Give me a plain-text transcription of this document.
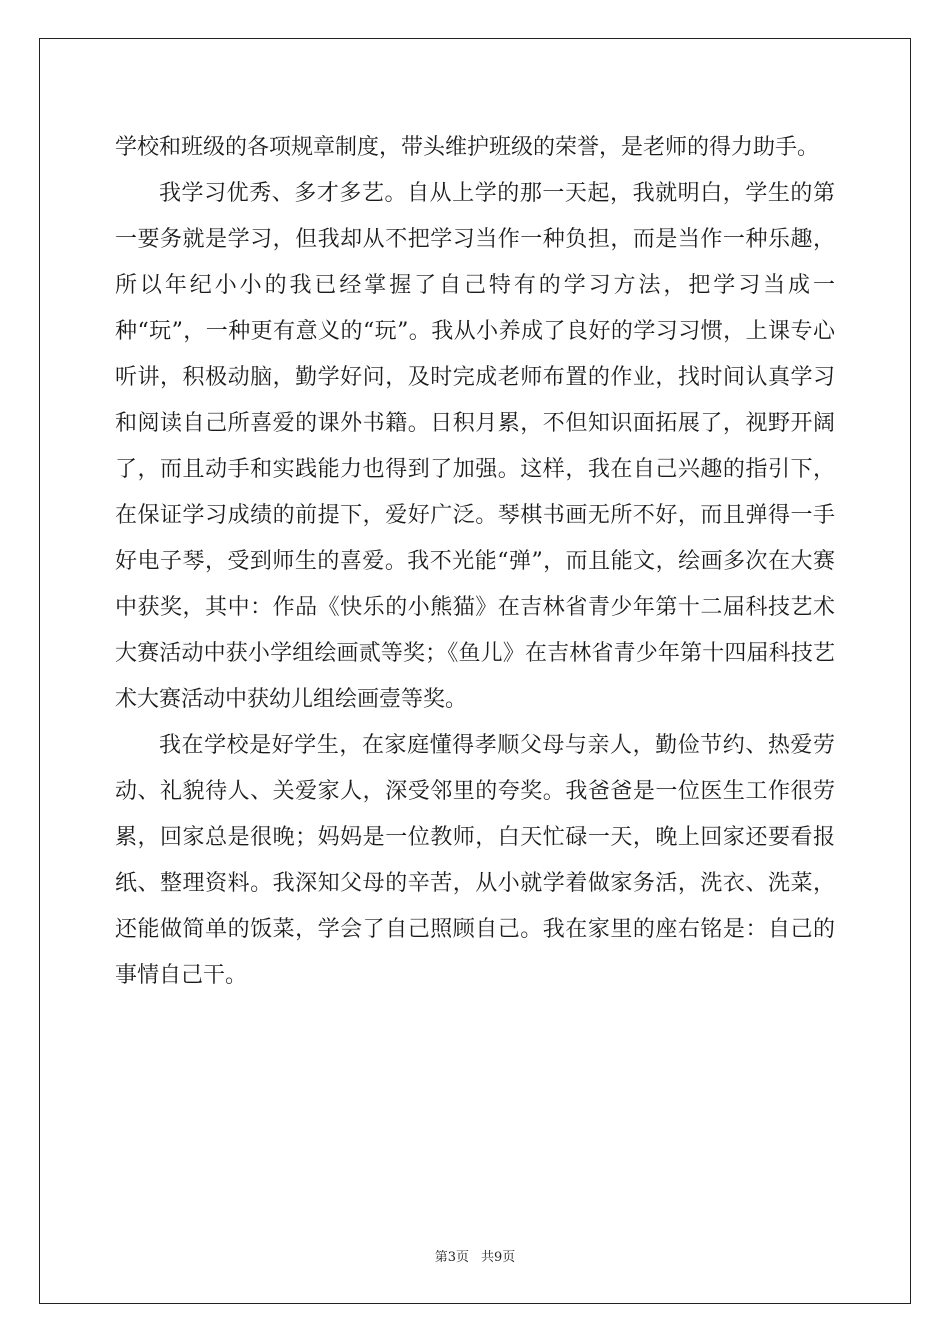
学校和班级的各项规章制度，带头维护班级的荣誉，是老师的得力助手。

我学习优秀、多才多艺。自从上学的那一天起，我就明白，学生的第一要务就是学习，但我却从不把学习当作一种负担，而是当作一种乐趣，所以年纪小小的我已经掌握了自己特有的学习方法，把学习当成一种“玩”，一种更有意义的“玩”。我从小养成了良好的学习习惯，上课专心听讲，积极动脑，勤学好问，及时完成老师布置的作业，找时间认真学习和阅读自己所喜爱的课外书籍。日积月累，不但知识面拓展了，视野开阔了，而且动手和实践能力也得到了加强。这样，我在自己兴趣的指引下，在保证学习成绩的前提下，爱好广泛。琴棋书画无所不好，而且弹得一手好电子琴，受到师生的喜爱。我不光能“弹”，而且能文，绘画多次在大赛中获奖，其中：作品《快乐的小熊猫》在吉林省青少年第十二届科技艺术大赛活动中获小学组绘画贰等奖；《鱼儿》在吉林省青少年第十四届科技艺术大赛活动中获幼儿组绘画壹等奖。

我在学校是好学生，在家庭懂得孝顺父母与亲人，勤俭节约、热爱劳动、礼貌待人、关爱家人，深受邻里的夸奖。我爸爸是一位医生工作很劳累，回家总是很晚；妈妈是一位教师，白天忙碌一天，晚上回家还要看报纸、整理资料。我深知父母的辛苦，从小就学着做家务活，洗衣、洗菜，还能做简单的饭菜，学会了自己照顾自己。我在家里的座右铭是：自己的事情自己干。

第3页 共9页
